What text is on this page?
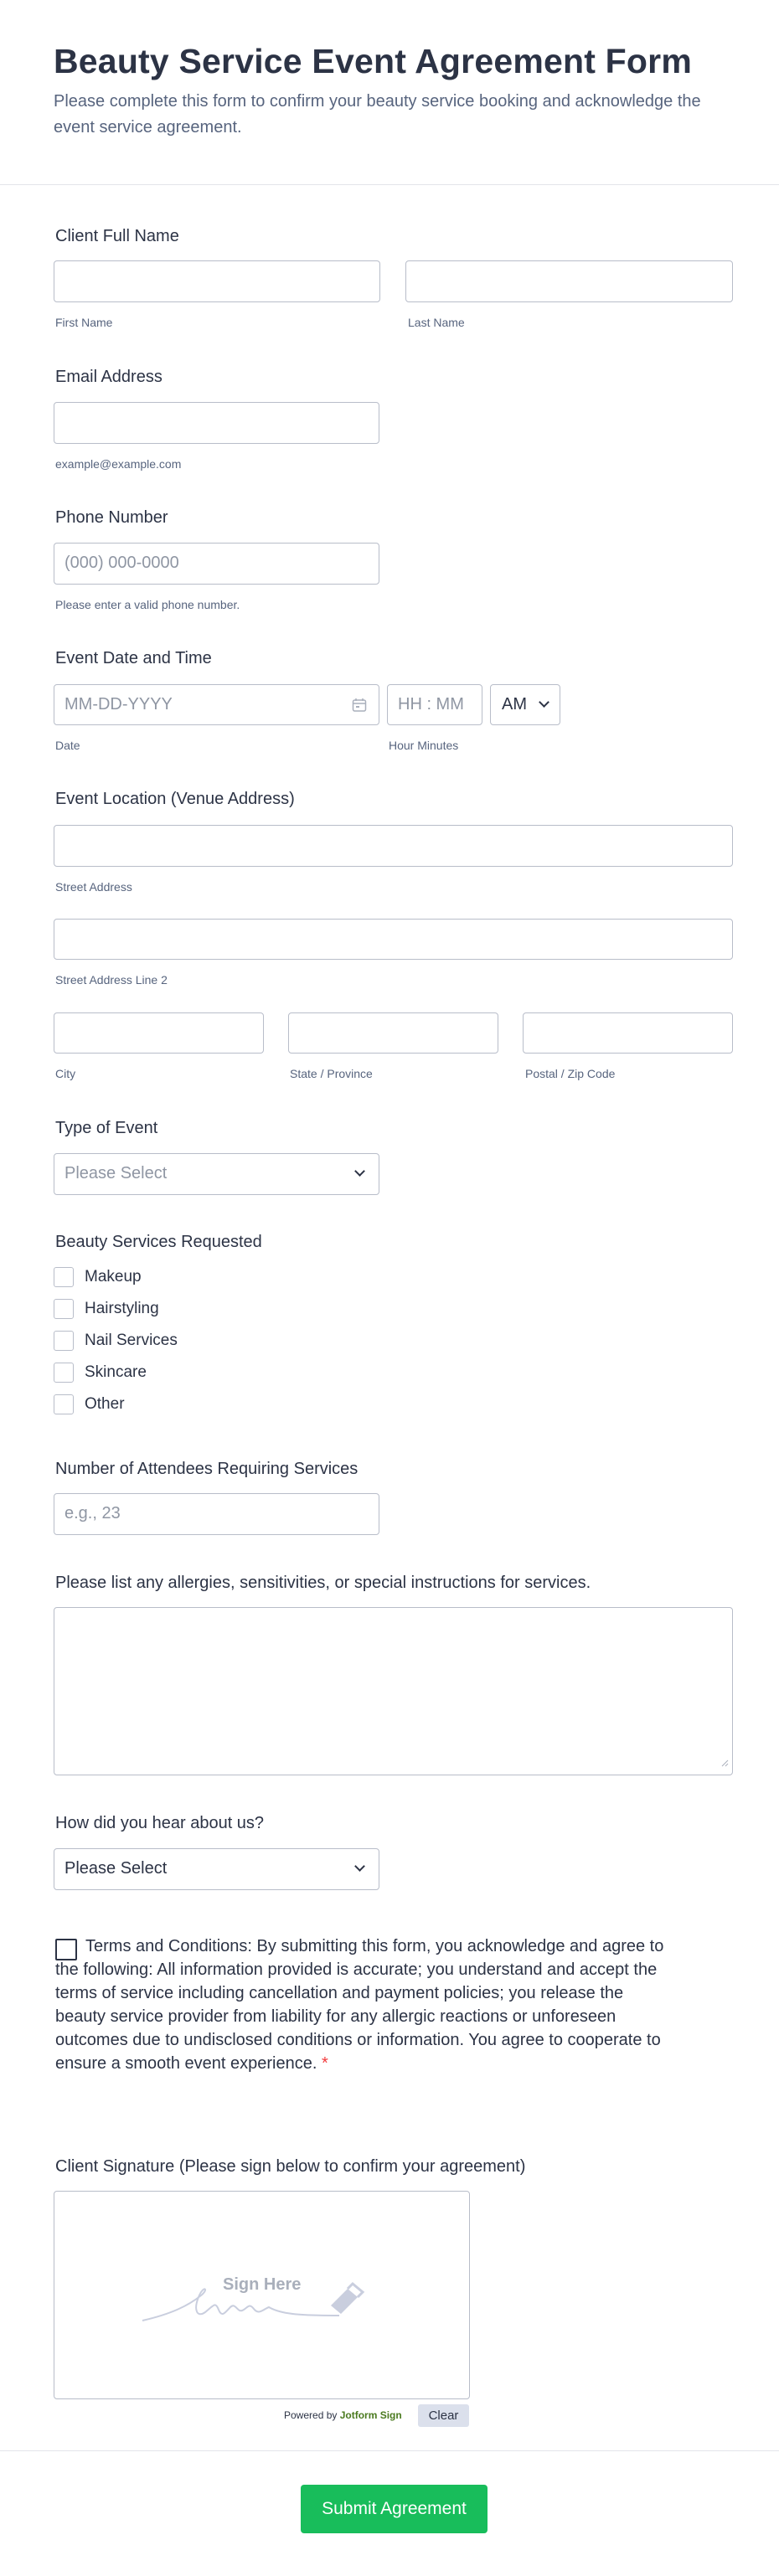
Beauty Service Event Agreement Form
Please complete this form to confirm your beauty service booking and acknowledge the event service agreement.
Client Full Name
First Name	Last Name
Email Address
example@example.com
Phone Number
(000) 000-0000
Please enter a valid phone number.
Event Date and Time
MM-DD-YYYY	HH : MM AM
Date	Hour Minutes
Event Location (Venue Address)
Street Address
Street Address Line 2
City	State / Province	Postal / Zip Code
Type of Event
Please Select
Beauty Services Requested
Makeup
Hairstyling
Nail Services
Skincare
Other
Number of Attendees Requiring Services
e.g., 23
Please list any allergies, sensitivities, or special instructions for services.
How did you hear about us?
Please Select
Terms and Conditions: By submitting this form, you acknowledge and agree to the following: All information provided is accurate; you understand and accept the terms of service including cancellation and payment policies; you release the beauty service provider from liability for any allergic reactions or unforeseen outcomes due to undisclosed conditions or information. You agree to cooperate to ensure a smooth event experience. *
Client Signature (Please sign below to confirm your agreement)
Sign Here
Powered by Jotform Sign	Clear
Submit Agreement
